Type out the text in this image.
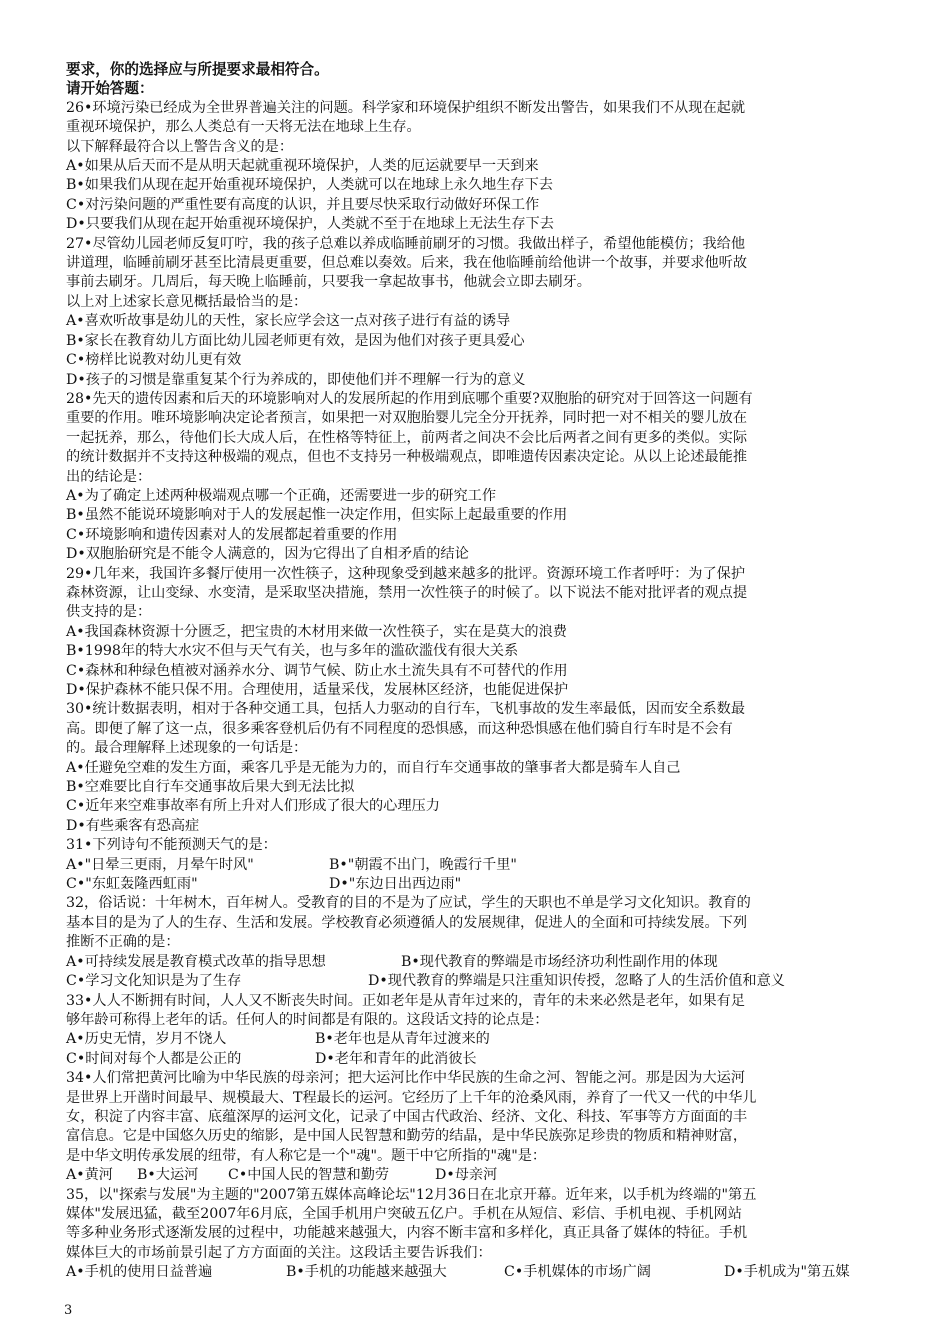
要求，你的选择应与所提要求最相符合。
请开始答题：
26•环境污染已经成为全世界普遍关注的问题。科学家和环境保护组织不断发出警告，如果我们不从现在起就
重视环境保护，那么人类总有一天将无法在地球上生存。
以下解释最符合以上警告含义的是：
A•如果从后天而不是从明天起就重视环境保护，人类的厄运就要早一天到来
B•如果我们从现在起开始重视环境保护，人类就可以在地球上永久地生存下去
C•对污染问题的严重性要有高度的认识，并且要尽快采取行动做好环保工作
D•只要我们从现在起开始重视环境保护，人类就不至于在地球上无法生存下去
27•尽管幼儿园老师反复叮咛，我的孩子总难以养成临睡前刷牙的习惯。我做出样子，希望他能模仿；我给他
讲道理，临睡前刷牙甚至比清晨更重要，但总难以奏效。后来，我在他临睡前给他讲一个故事，并要求他听故
事前去刷牙。几周后，每天晚上临睡前，只要我一拿起故事书，他就会立即去刷牙。
以上对上述家长意见概括最恰当的是：
A•喜欢听故事是幼儿的天性，家长应学会这一点对孩子进行有益的诱导
B•家长在教育幼儿方面比幼儿园老师更有效，是因为他们对孩子更具爱心
C•榜样比说教对幼儿更有效
D•孩子的习惯是靠重复某个行为养成的，即使他们并不理解一行为的意义
28•先天的遗传因素和后天的环境影响对人的发展所起的作用到底哪个重要?双胞胎的研究对于回答这一问题有
重要的作用。唯环境影响决定论者预言，如果把一对双胞胎婴儿完全分开抚养，同时把一对不相关的婴儿放在
一起抚养，那么，待他们长大成人后，在性格等特征上，前两者之间决不会比后两者之间有更多的类似。实际
的统计数据并不支持这种极端的观点，但也不支持另一种极端观点，即唯遗传因素决定论。从以上论述最能推
出的结论是：
A•为了确定上述两种极端观点哪一个正确，还需要进一步的研究工作
B•虽然不能说环境影响对于人的发展起惟一决定作用，但实际上起最重要的作用
C•环境影响和遗传因素对人的发展都起着重要的作用
D•双胞胎研究是不能令人满意的，因为它得出了自相矛盾的结论
29•几年来，我国许多餐厅使用一次性筷子，这种现象受到越来越多的批评。资源环境工作者呼吁：为了保护
森林资源，让山变绿、水变清，是采取坚决措施，禁用一次性筷子的时候了。以下说法不能对批评者的观点提
供支持的是：
A•我国森林资源十分匮乏，把宝贵的木材用来做一次性筷子，实在是莫大的浪费
B•1998年的特大水灾不但与天气有关，也与多年的滥砍滥伐有很大关系
C•森林和种绿色植被对涵养水分、调节气候、防止水土流失具有不可替代的作用
D•保护森林不能只保不用。合理使用，适量采伐，发展林区经济，也能促进保护
30•统计数据表明，相对于各种交通工具，包括人力驱动的自行车，飞机事故的发生率最低，因而安全系数最
高。即便了解了这一点，很多乘客登机后仍有不同程度的恐惧感，而这种恐惧感在他们骑自行车时是不会有
的。最合理解释上述现象的一句话是：
A•任避免空难的发生方面，乘客几乎是无能为力的，而自行车交通事故的肇事者大都是骑车人自己
B•空难要比自行车交通事故后果大到无法比拟
C•近年来空难事故率有所上升对人们形成了很大的心理压力
D•有些乘客有恐高症
31•下列诗句不能预测天气的是：
A•"日晕三更雨，月晕午时风"	B•"朝霞不出门，晚霞行千里"
C•"东虹轰隆西虹雨"	D•"东边日出西边雨"
32，俗话说：十年树木，百年树人。受教育的目的不是为了应试，学生的天职也不单是学习文化知识。教育的
基本目的是为了人的生存、生活和发展。学校教育必须遵循人的发展规律，促进人的全面和可持续发展。下列
推断不正确的是：
A•可持续发展是教育模式改革的指导思想	B•现代教育的弊端是市场经济功利性副作用的体现
C•学习文化知识是为了生存	D•现代教育的弊端是只注重知识传授，忽略了人的生活价值和意义
33•人人不断拥有时间，人人又不断丧失时间。正如老年是从青年过来的，青年的未来必然是老年，如果有足
够年龄可称得上老年的话。任何人的时间都是有限的。这段话文持的论点是：
A•历史无情，岁月不饶人	B•老年也是从青年过渡来的
C•时间对每个人都是公正的	D•老年和青年的此消彼长
34•人们常把黄河比喻为中华民族的母亲河；把大运河比作中华民族的生命之河、智能之河。那是因为大运河
是世界上开凿时间最早、规模最大、T程最长的运河。它经历了上千年的沧桑风雨，养育了一代又一代的中华儿
女，积淀了内容丰富、底蕴深厚的运河文化，记录了中国古代政治、经济、文化、科技、军事等方方面面的丰
富信息。它是中国悠久历史的缩影，是中国人民智慧和勤劳的结晶，是中华民族弥足珍贵的物质和精神财富，
是中华文明传承发展的纽带，有人称它是一个"魂"。题干中它所指的"魂"是：
A•黄河	B•大运河	C•中国人民的智慧和勤劳	D•母亲河
35，以"探索与发展"为主题的"2007第五媒体高峰论坛"12月36日在北京开幕。近年来，以手机为终端的"第五
媒体"发展迅猛，截至2007年6月底，全国手机用户突破五亿户。手机在从短信、彩信、手机电视、手机网站
等多种业务形式逐渐发展的过程中，功能越来越强大，内容不断丰富和多样化，真正具备了媒体的特征。手机
媒体巨大的市场前景引起了方方面面的关注。这段话主要告诉我们：
A•手机的使用日益普遍	B•手机的功能越来越强大	C•手机媒体的市场广阔	D•手机成为"第五媒
3
